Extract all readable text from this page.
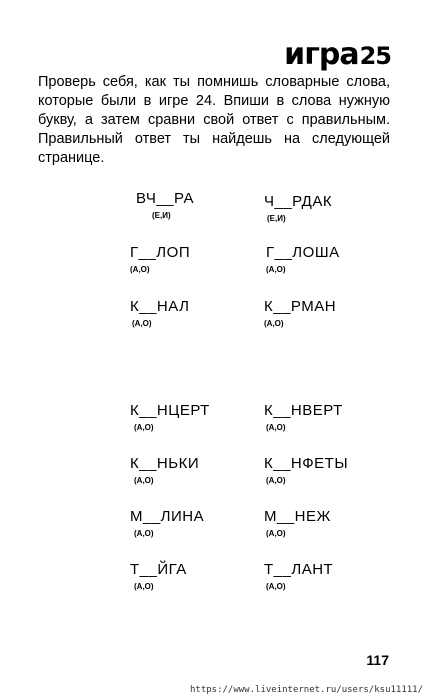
игра25
Проверь себя, как ты помнишь словарные слова, которые были в игре 24. Впиши в слова нужную букву, а затем сравни свой ответ с правильным. Правильный ответ ты найдешь на следующей странице.
ВЧ__РА
(Е,И)
Г__ЛОП
(А,О)
К__НАЛ
(А,О)
К__НЦЕРТ
(А,О)
К__НЬКИ
(А,О)
М__ЛИНА
(А,О)
Т__ЙГА
(А,О)
Ч__РДАК
(Е,И)
Г__ЛОША
(А,О)
К__РМАН
(А,О)
К__НВЕРТ
(А,О)
К__НФЕТЫ
(А,О)
М__НЕЖ
(А,О)
Т__ЛАНТ
(А,О)
117
https://www.liveinternet.ru/users/ksu11111/
